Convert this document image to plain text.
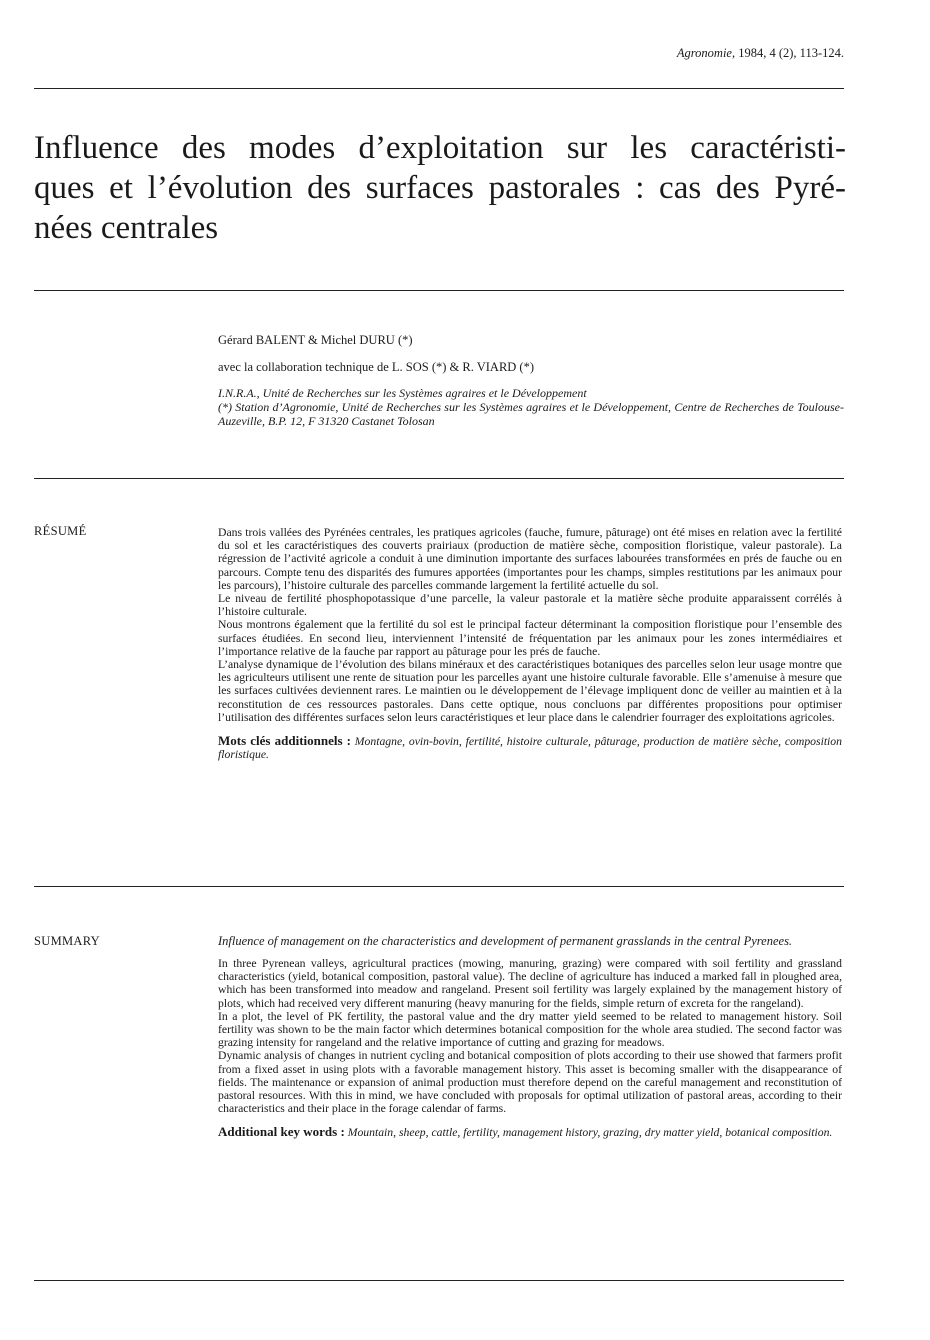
Agronomie, 1984, 4 (2), 113-124.
Influence des modes d’exploitation sur les caractéristi-
ques et l’évolution des surfaces pastorales : cas des Pyré-
nées centrales
Gérard BALENT & Michel DURU (*)
avec la collaboration technique de L. SOS (*) & R. VIARD (*)
I.N.R.A., Unité de Recherches sur les Systèmes agraires et le Développement
(*) Station d’Agronomie, Unité de Recherches sur les Systèmes agraires et le Développement, Centre de Recherches de Toulouse-Auzeville, B.P. 12, F 31320 Castanet Tolosan
RÉSUMÉ	Dans trois vallées des Pyrénées centrales, les pratiques agricoles (fauche, fumure, pâturage) ont été mises en relation avec la fertilité du sol et les caractéristiques des couverts prairiaux (production de matière sèche, composition floristique, valeur pastorale). La régression de l’activité agricole a conduit à une diminution importante des surfaces labourées transformées en prés de fauche ou en parcours. Compte tenu des disparités des fumures apportées (importantes pour les champs, simples restitutions par les animaux pour les parcours), l’histoire culturale des parcelles commande largement la fertilité actuelle du sol.

Le niveau de fertilité phosphopotassique d’une parcelle, la valeur pastorale et la matière sèche produite apparaissent corrélés à l’histoire culturale.

Nous montrons également que la fertilité du sol est le principal facteur déterminant la composition floristique pour l’ensemble des surfaces étudiées. En second lieu, interviennent l’intensité de fréquentation par les animaux pour les zones intermédiaires et l’importance relative de la fauche par rapport au pâturage pour les prés de fauche.

L’analyse dynamique de l’évolution des bilans minéraux et des caractéristiques botaniques des parcelles selon leur usage montre que les agriculteurs utilisent une rente de situation pour les parcelles ayant une histoire culturale favorable. Elle s’amenuise à mesure que les surfaces cultivées deviennent rares. Le maintien ou le développement de l’élevage impliquent donc de veiller au maintien et à la reconstitution de ces ressources pastorales. Dans cette optique, nous concluons par différentes propositions pour optimiser l’utilisation des différentes surfaces selon leurs caractéristiques et leur place dans le calendrier fourrager des exploitations agricoles.

Mots clés additionnels : Montagne, ovin-bovin, fertilité, histoire culturale, pâturage, production de matière sèche, composition floristique.

SUMMARY	Influence of management on the characteristics and development of permanent grasslands in the central Pyrenees.

In three Pyrenean valleys, agricultural practices (mowing, manuring, grazing) were compared with soil fertility and grassland characteristics (yield, botanical composition, pastoral value). The decline of agriculture has induced a marked fall in ploughed area, which has been transformed into meadow and rangeland. Present soil fertility was largely explained by the management history of plots, which had received very different manuring (heavy manuring for the fields, simple return of excreta for the rangeland).

In a plot, the level of PK fertility, the pastoral value and the dry matter yield seemed to be related to management history. Soil fertility was shown to be the main factor which determines botanical composition for the whole area studied. The second factor was grazing intensity for rangeland and the relative importance of cutting and grazing for meadows.

Dynamic analysis of changes in nutrient cycling and botanical composition of plots according to their use showed that farmers profit from a fixed asset in using plots with a favorable management history. This asset is becoming smaller with the disappearance of fields. The maintenance or expansion of animal production must therefore depend on the careful management and reconstitution of pastoral resources. With this in mind, we have concluded with proposals for optimal utilization of pastoral areas, according to their characteristics and their place in the forage calendar of farms.

Additional key words : Mountain, sheep, cattle, fertility, management history, grazing, dry matter yield, botanical composition.
